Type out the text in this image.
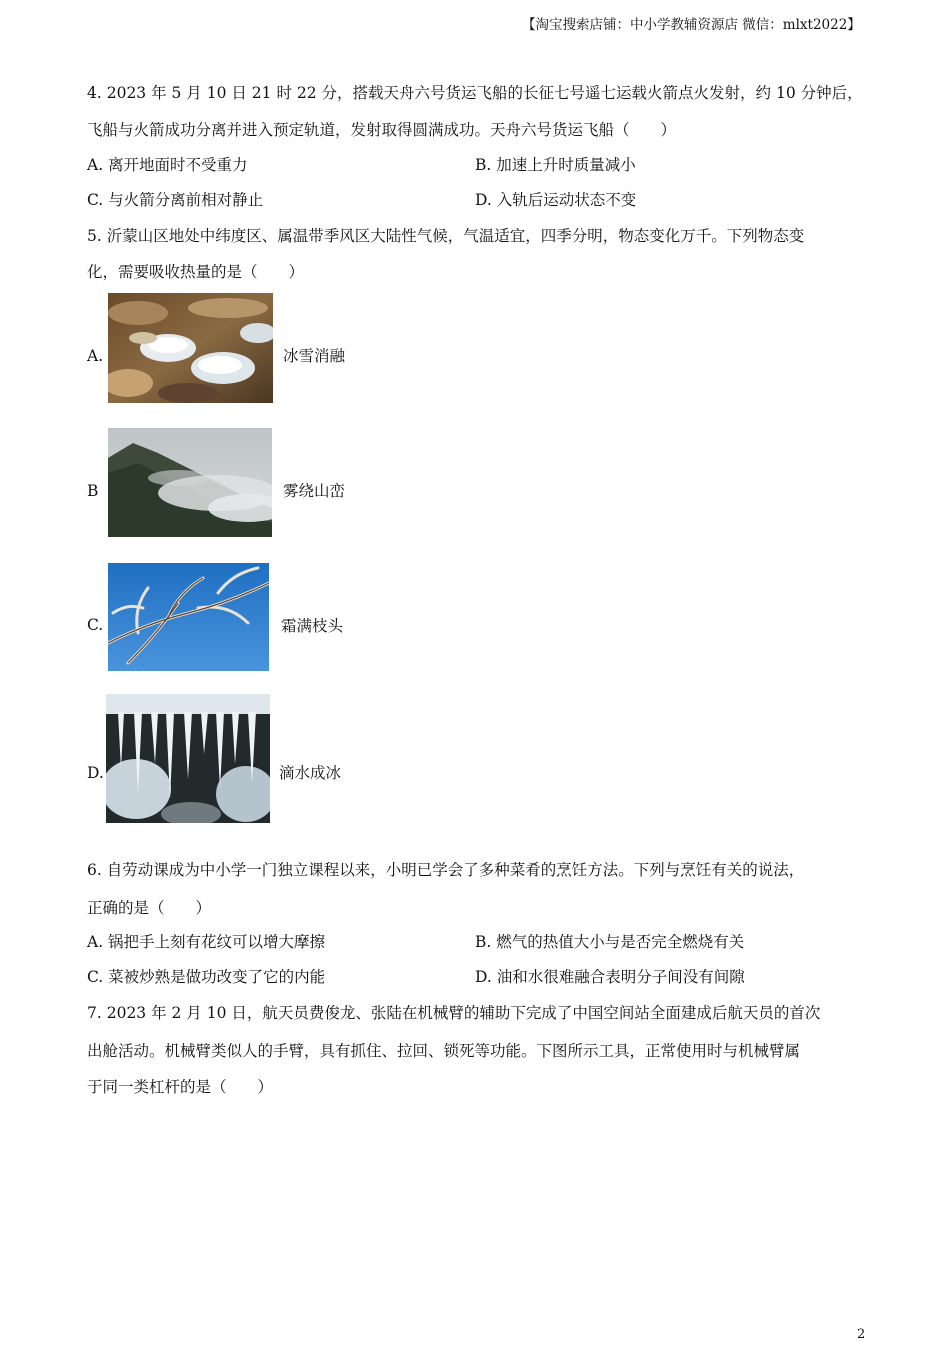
【淘宝搜索店铺：中小学教辅资源店 微信：mlxt2022】
4. 2023 年 5 月 10 日 21 时 22 分，搭载天舟六号货运飞船的长征七号遥七运载火箭点火发射，约 10 分钟后，
飞船与火箭成功分离并进入预定轨道，发射取得圆满成功。天舟六号货运飞船（　　）
A. 离开地面时不受重力	B. 加速上升时质量减小
C. 与火箭分离前相对静止	D. 入轨后运动状态不变
5. 沂蒙山区地处中纬度区、属温带季风区大陆性气候，气温适宜，四季分明，物态变化万千。下列物态变
化，需要吸收热量的是（　　）
A.	冰雪消融
B	雾绕山峦
C.	霜满枝头
D.	滴水成冰
6. 自劳动课成为中小学一门独立课程以来，小明已学会了多种菜肴的烹饪方法。下列与烹饪有关的说法，
正确的是（　　）
A. 锅把手上刻有花纹可以增大摩擦	B. 燃气的热值大小与是否完全燃烧有关
C. 菜被炒熟是做功改变了它的内能	D. 油和水很难融合表明分子间没有间隙
7. 2023 年 2 月 10 日，航天员费俊龙、张陆在机械臂的辅助下完成了中国空间站全面建成后航天员的首次
出舱活动。机械臂类似人的手臂，具有抓住、拉回、锁死等功能。下图所示工具，正常使用时与机械臂属
于同一类杠杆的是（　　）
2
